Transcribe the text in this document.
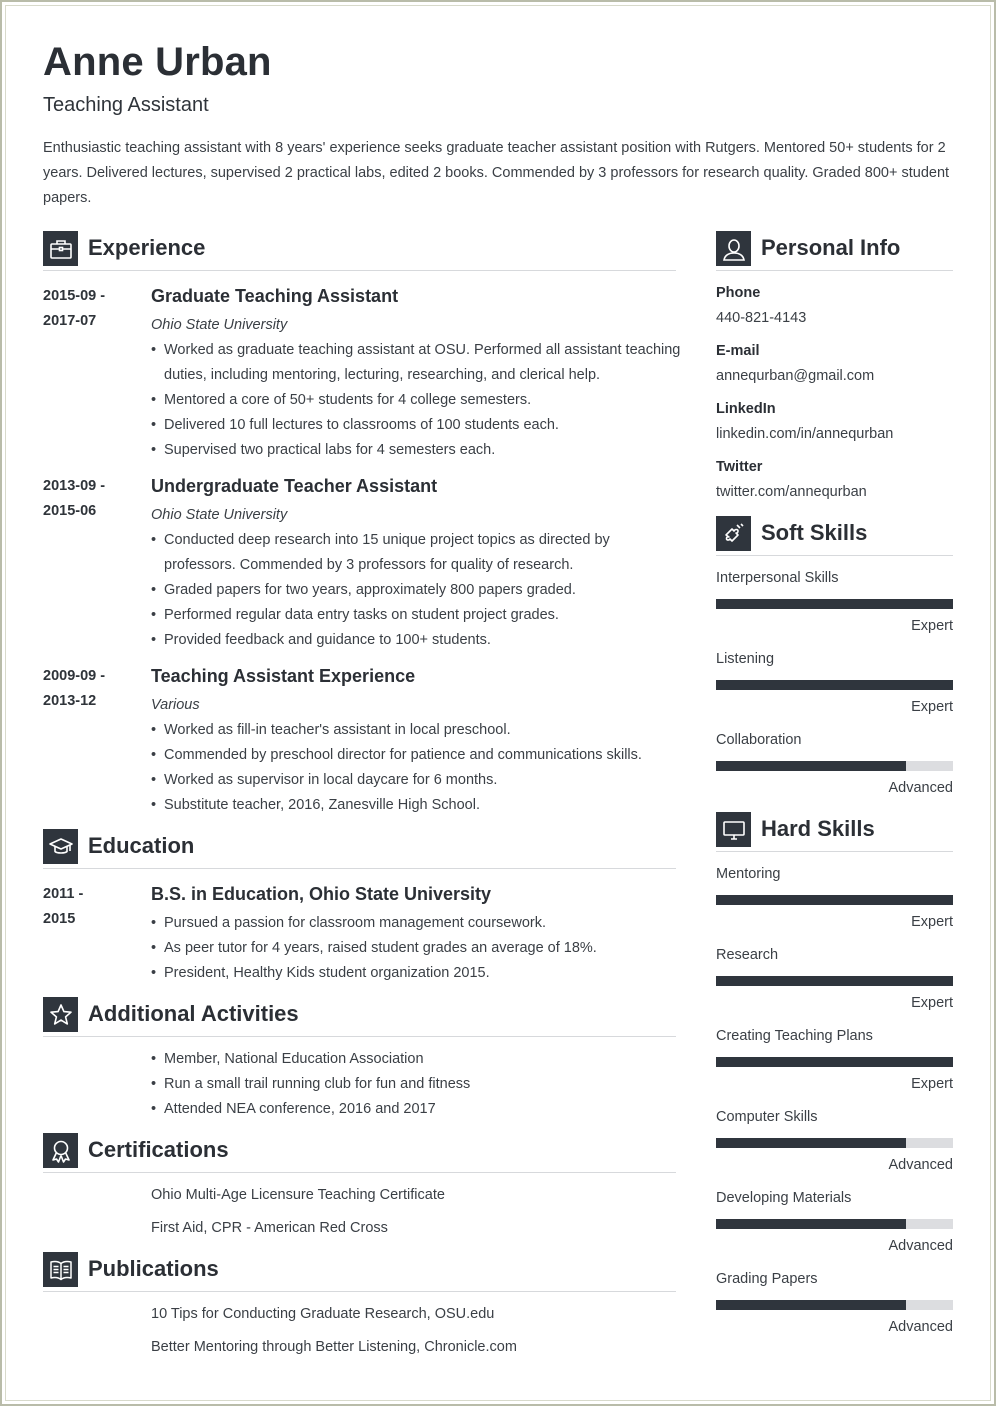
Anne Urban
Teaching Assistant
Enthusiastic teaching assistant with 8 years' experience seeks graduate teacher assistant position with Rutgers. Mentored 50+ students for 2 years. Delivered lectures, supervised 2 practical labs, edited 2 books. Commended by 3 professors for research quality. Graded 800+ student papers.
Experience
2015-09 -
2017-07
Graduate Teaching Assistant
Ohio State University
• Worked as graduate teaching assistant at OSU. Performed all assistant teaching duties, including mentoring, lecturing, researching, and clerical help.
• Mentored a core of 50+ students for 4 college semesters.
• Delivered 10 full lectures to classrooms of 100 students each.
• Supervised two practical labs for 4 semesters each.
2013-09 -
2015-06
Undergraduate Teacher Assistant
Ohio State University
• Conducted deep research into 15 unique project topics as directed by professors. Commended by 3 professors for quality of research.
• Graded papers for two years, approximately 800 papers graded.
• Performed regular data entry tasks on student project grades.
• Provided feedback and guidance to 100+ students.
2009-09 -
2013-12
Teaching Assistant Experience
Various
• Worked as fill-in teacher's assistant in local preschool.
• Commended by preschool director for patience and communications skills.
• Worked as supervisor in local daycare for 6 months.
• Substitute teacher, 2016, Zanesville High School.
Education
2011 -
2015
B.S. in Education, Ohio State University
• Pursued a passion for classroom management coursework.
• As peer tutor for 4 years, raised student grades an average of 18%.
• President, Healthy Kids student organization 2015.
Additional Activities
• Member, National Education Association
• Run a small trail running club for fun and fitness
• Attended NEA conference, 2016 and 2017
Certifications
Ohio Multi-Age Licensure Teaching Certificate
First Aid, CPR - American Red Cross
Publications
10 Tips for Conducting Graduate Research, OSU.edu
Better Mentoring through Better Listening, Chronicle.com
Personal Info
Phone
440-821-4143
E-mail
annequrban@gmail.com
LinkedIn
linkedin.com/in/annequrban
Twitter
twitter.com/annequrban
Soft Skills
Interpersonal Skills
Expert
Listening
Expert
Collaboration
Advanced
Hard Skills
Mentoring
Expert
Research
Expert
Creating Teaching Plans
Expert
Computer Skills
Advanced
Developing Materials
Advanced
Grading Papers
Advanced
